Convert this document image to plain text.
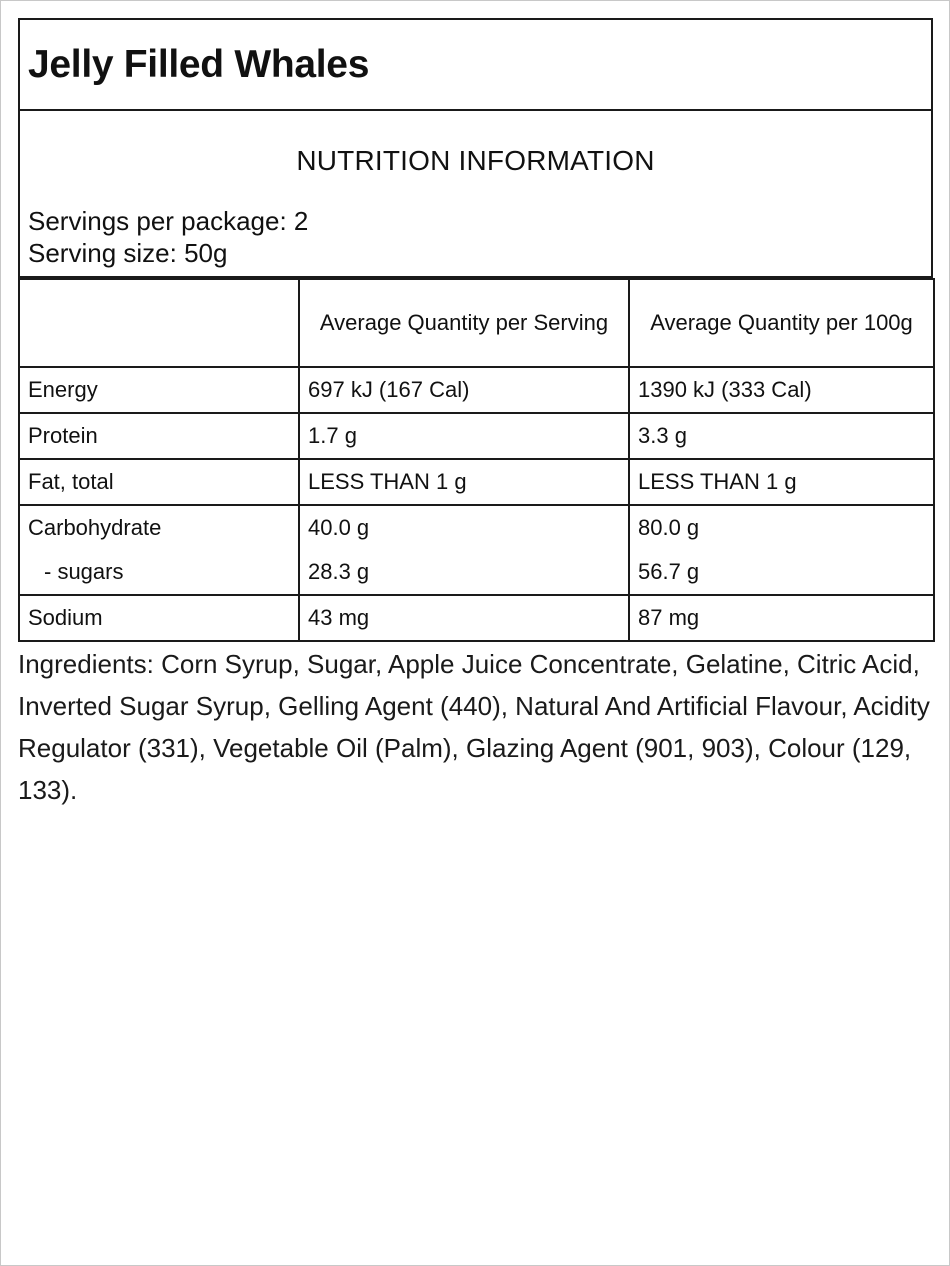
Jelly Filled Whales
NUTRITION INFORMATION
Servings per package: 2
Serving size: 50g
	Average Quantity per Serving	Average Quantity per 100g
Energy	697 kJ (167 Cal)	1390 kJ (333 Cal)
Protein	1.7 g	3.3 g
Fat, total	LESS THAN 1 g	LESS THAN 1 g
Carbohydrate	40.0 g	80.0 g
- sugars	28.3 g	56.7 g
Sodium	43 mg	87 mg
Ingredients: Corn Syrup, Sugar, Apple Juice Concentrate, Gelatine, Citric Acid, Inverted Sugar Syrup, Gelling Agent (440), Natural And Artificial Flavour, Acidity Regulator (331), Vegetable Oil (Palm), Glazing Agent (901, 903), Colour (129, 133).
